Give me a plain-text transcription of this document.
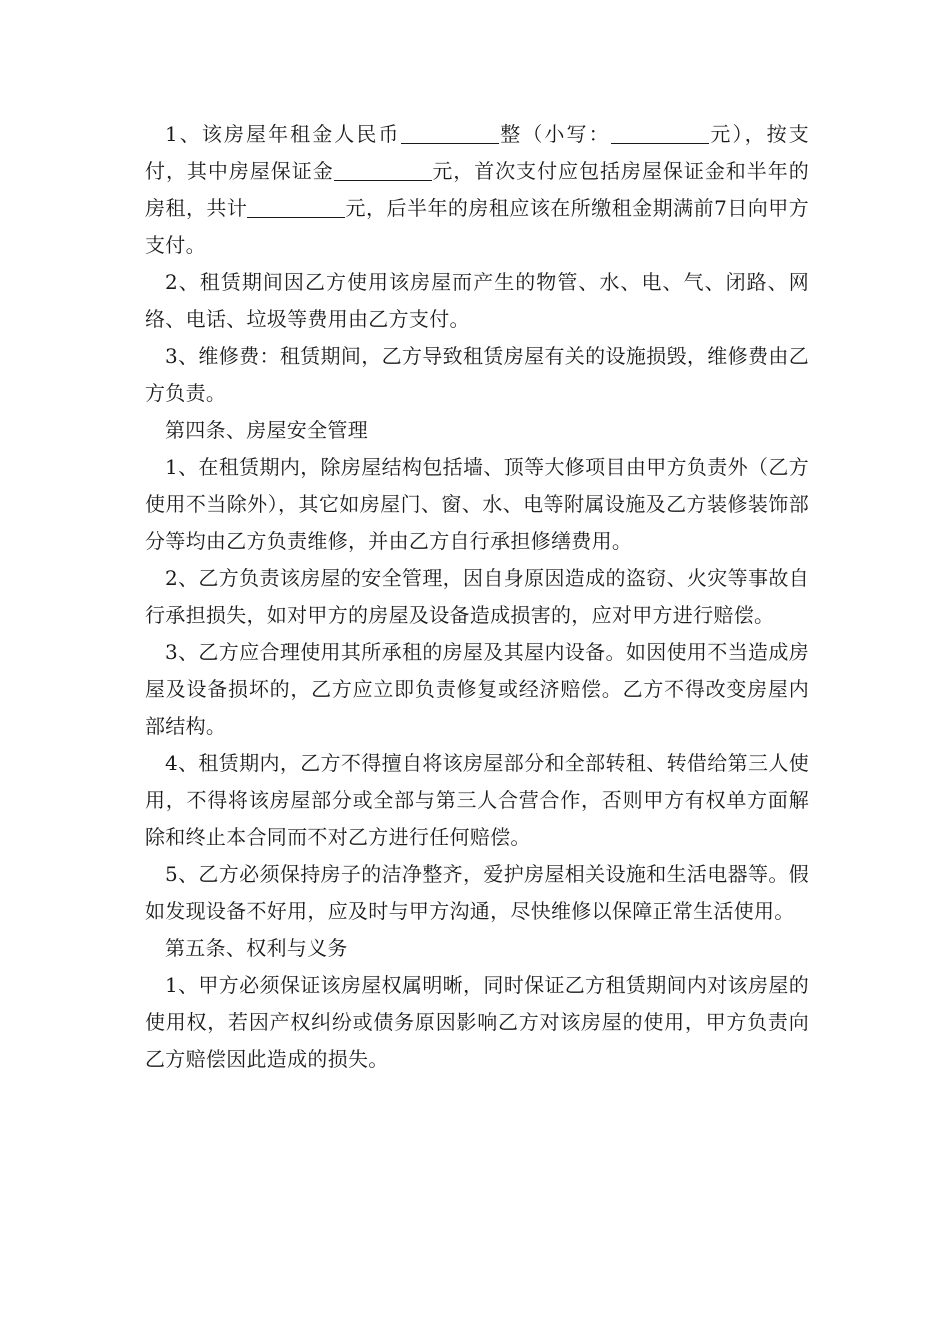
1、该房屋年租金人民币	整（小写：	元），按支付，其中房屋保证金	元，首次支付应包括房屋保证金和半年的房租，共计	元，后半年的房租应该在所缴租金期满前7日向甲方支付。

2、租赁期间因乙方使用该房屋而产生的物管、水、电、气、闭路、网络、电话、垃圾等费用由乙方支付。

3、维修费：租赁期间，乙方导致租赁房屋有关的设施损毁，维修费由乙方负责。

第四条、房屋安全管理

1、在租赁期内，除房屋结构包括墙、顶等大修项目由甲方负责外（乙方使用不当除外），其它如房屋门、窗、水、电等附属设施及乙方装修装饰部分等均由乙方负责维修，并由乙方自行承担修缮费用。

2、乙方负责该房屋的安全管理，因自身原因造成的盗窃、火灾等事故自行承担损失，如对甲方的房屋及设备造成损害的，应对甲方进行赔偿。

3、乙方应合理使用其所承租的房屋及其屋内设备。如因使用不当造成房屋及设备损坏的，乙方应立即负责修复或经济赔偿。乙方不得改变房屋内部结构。

4、租赁期内，乙方不得擅自将该房屋部分和全部转租、转借给第三人使用，不得将该房屋部分或全部与第三人合营合作，否则甲方有权单方面解除和终止本合同而不对乙方进行任何赔偿。

5、乙方必须保持房子的洁净整齐，爱护房屋相关设施和生活电器等。假如发现设备不好用，应及时与甲方沟通，尽快维修以保障正常生活使用。

第五条、权利与义务

1、甲方必须保证该房屋权属明晰，同时保证乙方租赁期间内对该房屋的使用权，若因产权纠纷或债务原因影响乙方对该房屋的使用，甲方负责向乙方赔偿因此造成的损失。
